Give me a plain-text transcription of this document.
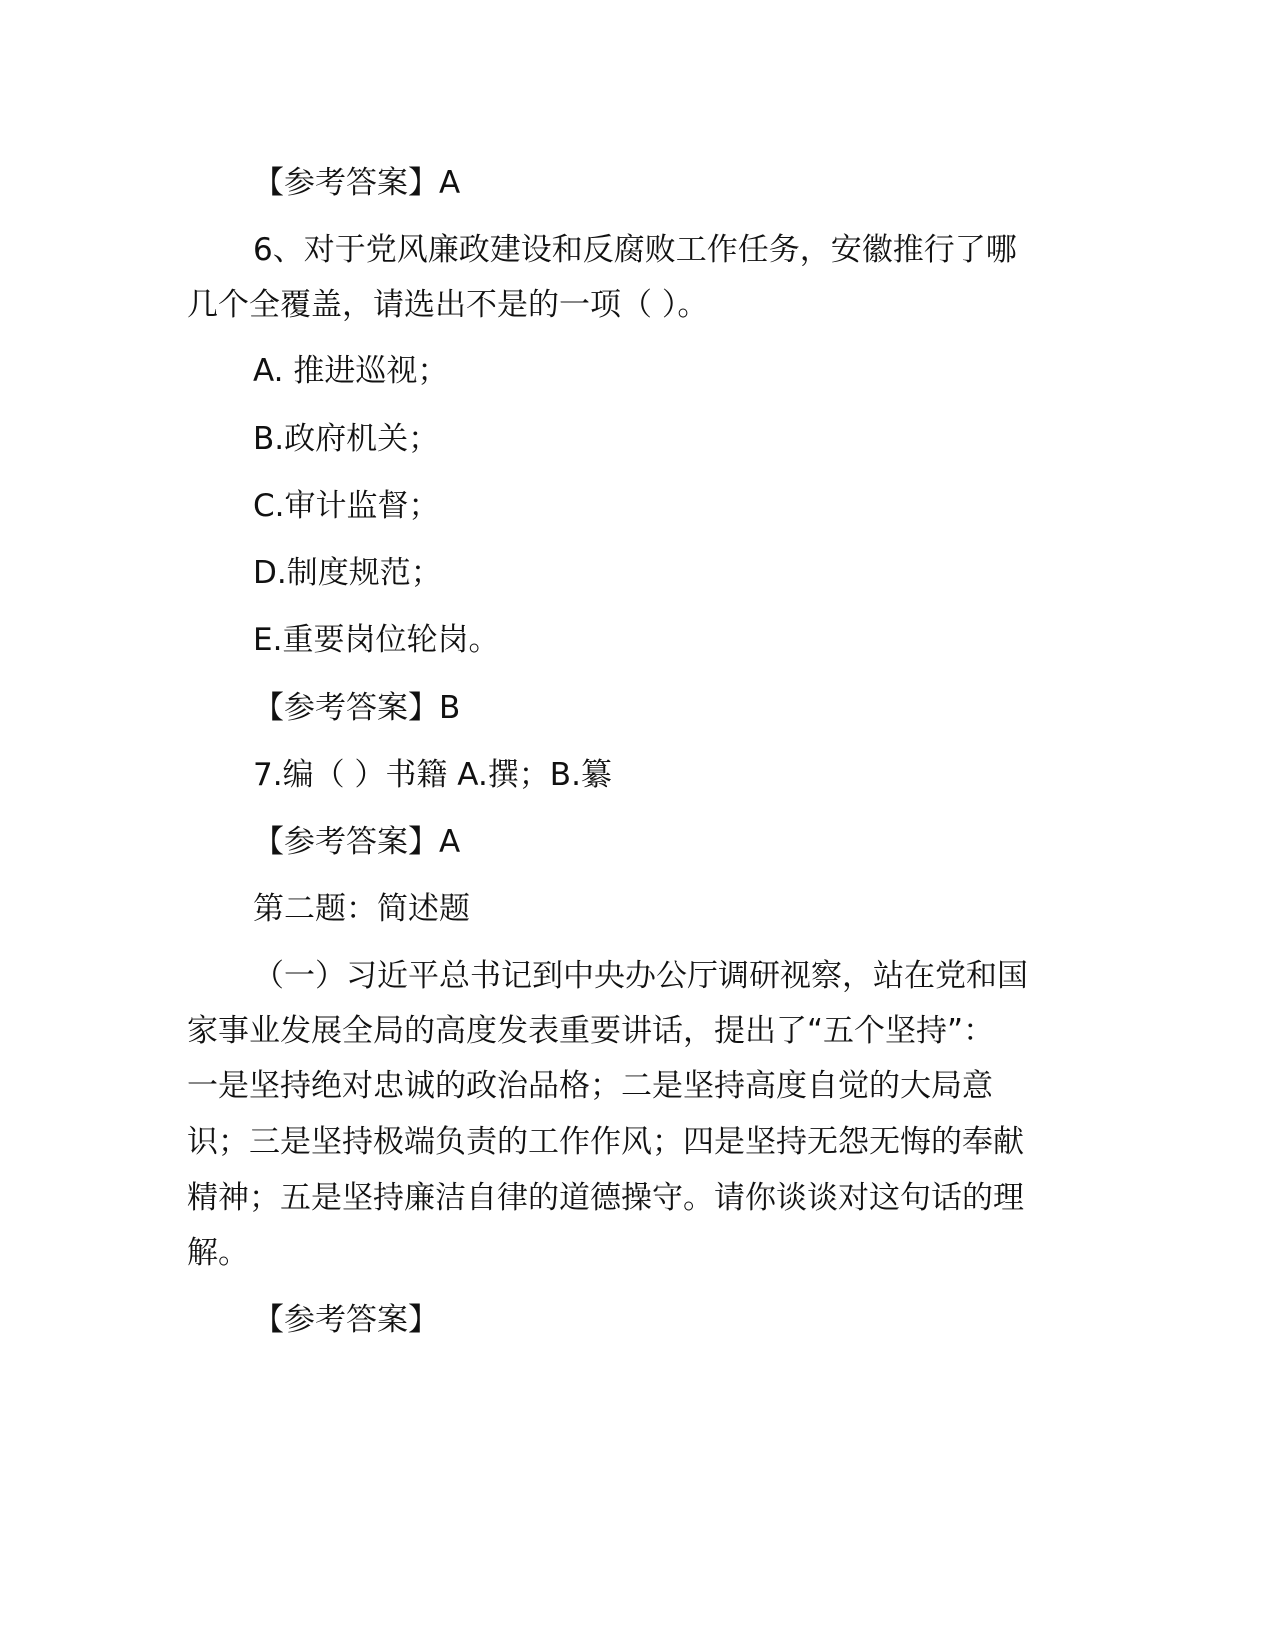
【参考答案】A
6、对于党风廉政建设和反腐败工作任务，安徽推行了哪
几个全覆盖，请选出不是的一项（ ）。
A. 推进巡视；
B.政府机关；
C.审计监督；
D.制度规范；
E.重要岗位轮岗。
【参考答案】B
7.编（ ）书籍 A.撰；B.纂
【参考答案】A
第二题：简述题
（一）习近平总书记到中央办公厅调研视察，站在党和国
家事业发展全局的高度发表重要讲话，提出了“五个坚持”：
一是坚持绝对忠诚的政治品格；二是坚持高度自觉的大局意
识；三是坚持极端负责的工作作风；四是坚持无怨无悔的奉献
精神；五是坚持廉洁自律的道德操守。请你谈谈对这句话的理
解。
【参考答案】
